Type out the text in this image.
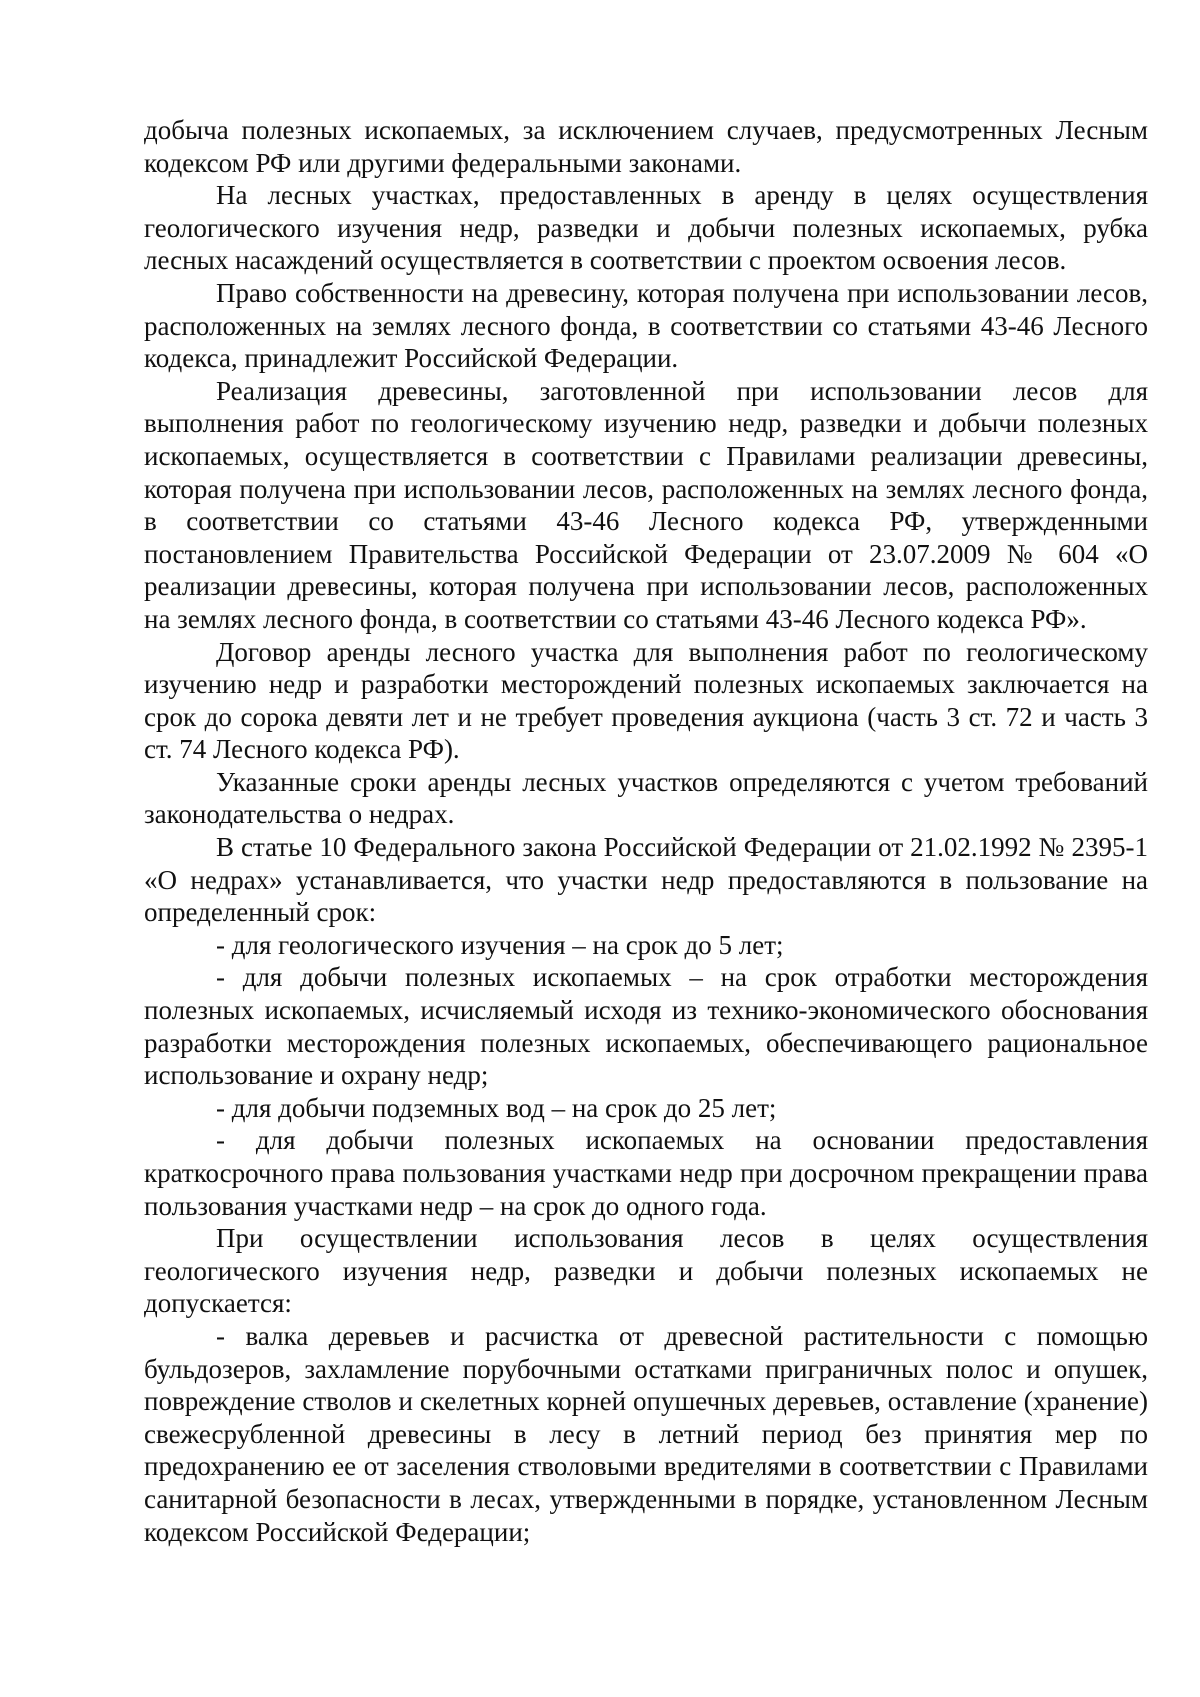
добыча полезных ископаемых, за исключением случаев, предусмотренных Лесным кодексом РФ или другими федеральными законами.

На лесных участках, предоставленных в аренду в целях осуществления геологического изучения недр, разведки и добычи полезных ископаемых, рубка лесных насаждений осуществляется в соответствии с проектом освоения лесов.

Право собственности на древесину, которая получена при использовании лесов, расположенных на землях лесного фонда, в соответствии со статьями 43-46 Лесного кодекса, принадлежит Российской Федерации.

Реализация древесины, заготовленной при использовании лесов для выполнения работ по геологическому изучению недр, разведки и добычи полезных ископаемых, осуществляется в соответствии с Правилами реализации древесины, которая получена при использовании лесов, расположенных на землях лесного фонда, в соответствии со статьями 43-46 Лесного кодекса РФ, утвержденными постановлением Правительства Российской Федерации от 23.07.2009 № 604 «О реализации древесины, которая получена при использовании лесов, расположенных на землях лесного фонда, в соответствии со статьями 43-46 Лесного кодекса РФ».

Договор аренды лесного участка для выполнения работ по геологическому изучению недр и разработки месторождений полезных ископаемых заключается на срок до сорока девяти лет и не требует проведения аукциона (часть 3 ст. 72 и часть 3 ст. 74 Лесного кодекса РФ).

Указанные сроки аренды лесных участков определяются с учетом требований законодательства о недрах.

В статье 10 Федерального закона Российской Федерации от 21.02.1992 № 2395-1 «О недрах» устанавливается, что участки недр предоставляются в пользование на определенный срок:

- для геологического изучения – на срок до 5 лет;

- для добычи полезных ископаемых – на срок отработки месторождения полезных ископаемых, исчисляемый исходя из технико-экономического обоснования разработки месторождения полезных ископаемых, обеспечивающего рациональное использование и охрану недр;

- для добычи подземных вод – на срок до 25 лет;

- для добычи полезных ископаемых на основании предоставления краткосрочного права пользования участками недр при досрочном прекращении права пользования участками недр – на срок до одного года.

При осуществлении использования лесов в целях осуществления геологического изучения недр, разведки и добычи полезных ископаемых не допускается:

- валка деревьев и расчистка от древесной растительности с помощью бульдозеров, захламление порубочными остатками приграничных полос и опушек, повреждение стволов и скелетных корней опушечных деревьев, оставление (хранение) свежесрубленной древесины в лесу в летний период без принятия мер по предохранению ее от заселения стволовыми вредителями в соответствии с Правилами санитарной безопасности в лесах, утвержденными в порядке, установленном Лесным кодексом Российской Федерации;
